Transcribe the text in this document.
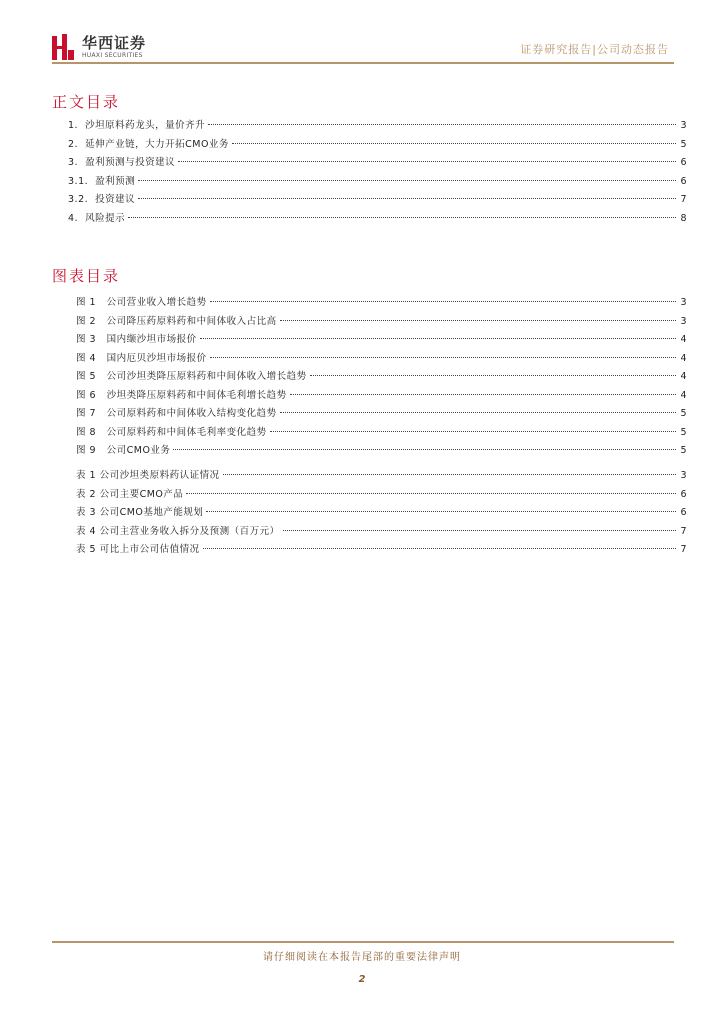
华西证券
HUAXI SECURITIES	证券研究报告|公司动态报告
正文目录
1. 沙坦原料药龙头，量价齐升	3
2. 延伸产业链，大力开拓CMO业务	5
3. 盈利预测与投资建议	6
3.1. 盈利预测	6
3.2. 投资建议	7
4. 风险提示	8
图表目录
图 1 公司营业收入增长趋势	3
图 2 公司降压药原料药和中间体收入占比高	3
图 3 国内缬沙坦市场报价	4
图 4 国内厄贝沙坦市场报价	4
图 5 公司沙坦类降压原料药和中间体收入增长趋势	4
图 6 沙坦类降压原料药和中间体毛利增长趋势	4
图 7 公司原料药和中间体收入结构变化趋势	5
图 8 公司原料药和中间体毛利率变化趋势	5
图 9 公司CMO业务	5
表 1 公司沙坦类原料药认证情况	3
表 2 公司主要CMO产品	6
表 3 公司CMO基地产能规划	6
表 4 公司主营业务收入拆分及预测（百万元）	7
表 5 可比上市公司估值情况	7
请仔细阅读在本报告尾部的重要法律声明
2
